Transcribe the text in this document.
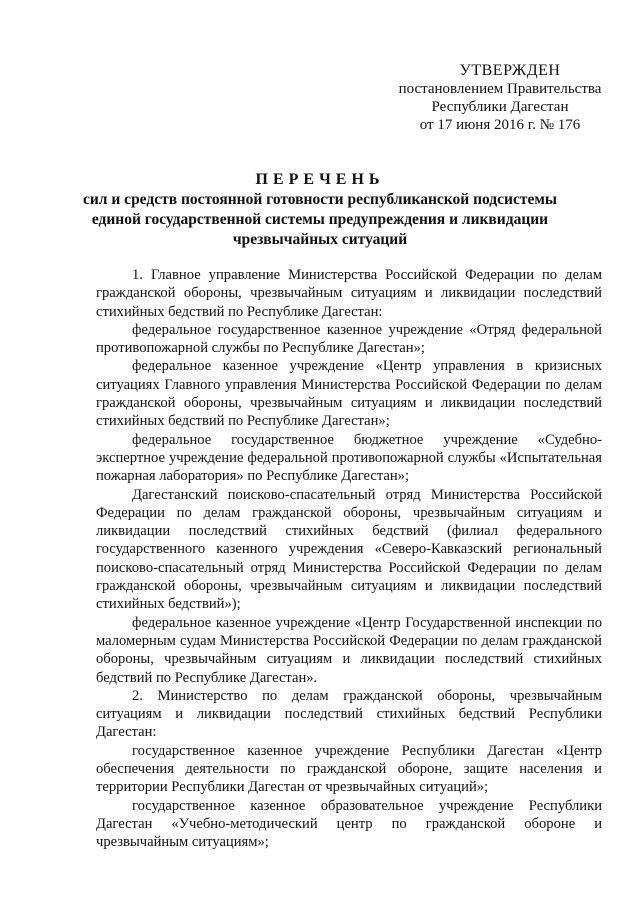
УТВЕРЖДЕН
постановлением Правительства
Республики Дагестан
от 17 июня 2016 г. № 176
ПЕРЕЧЕНЬ
сил и средств постоянной готовности республиканской подсистемы
единой государственной системы предупреждения и ликвидации
чрезвычайных ситуаций

1. Главное управление Министерства Российской Федерации по делам гражданской обороны, чрезвычайным ситуациям и ликвидации последствий стихийных бедствий по Республике Дагестан:

федеральное государственное казенное учреждение «Отряд федеральной противопожарной службы по Республике Дагестан»;

федеральное казенное учреждение «Центр управления в кризисных ситуациях Главного управления Министерства Российской Федерации по делам гражданской обороны, чрезвычайным ситуациям и ликвидации последствий стихийных бедствий по Республике Дагестан»;

федеральное государственное бюджетное учреждение «Судебно-экспертное учреждение федеральной противопожарной службы «Испытательная пожарная лаборатория» по Республике Дагестан»;

Дагестанский поисково-спасательный отряд Министерства Российской Федерации по делам гражданской обороны, чрезвычайным ситуациям и ликвидации последствий стихийных бедствий (филиал федерального государственного казенного учреждения «Северо-Кавказский региональный поисково-спасательный отряд Министерства Российской Федерации по делам гражданской обороны, чрезвычайным ситуациям и ликвидации последствий стихийных бедствий»);

федеральное казенное учреждение «Центр Государственной инспекции по маломерным судам Министерства Российской Федерации по делам гражданской обороны, чрезвычайным ситуациям и ликвидации последствий стихийных бедствий по Республике Дагестан».

2. Министерство по делам гражданской обороны, чрезвычайным ситуациям и ликвидации последствий стихийных бедствий Республики Дагестан:

государственное казенное учреждение Республики Дагестан «Центр обеспечения деятельности по гражданской обороне, защите населения и территории Республики Дагестан от чрезвычайных ситуаций»;

государственное казенное образовательное учреждение Республики Дагестан «Учебно-методический центр по гражданской обороне и чрезвычайным ситуациям»;
